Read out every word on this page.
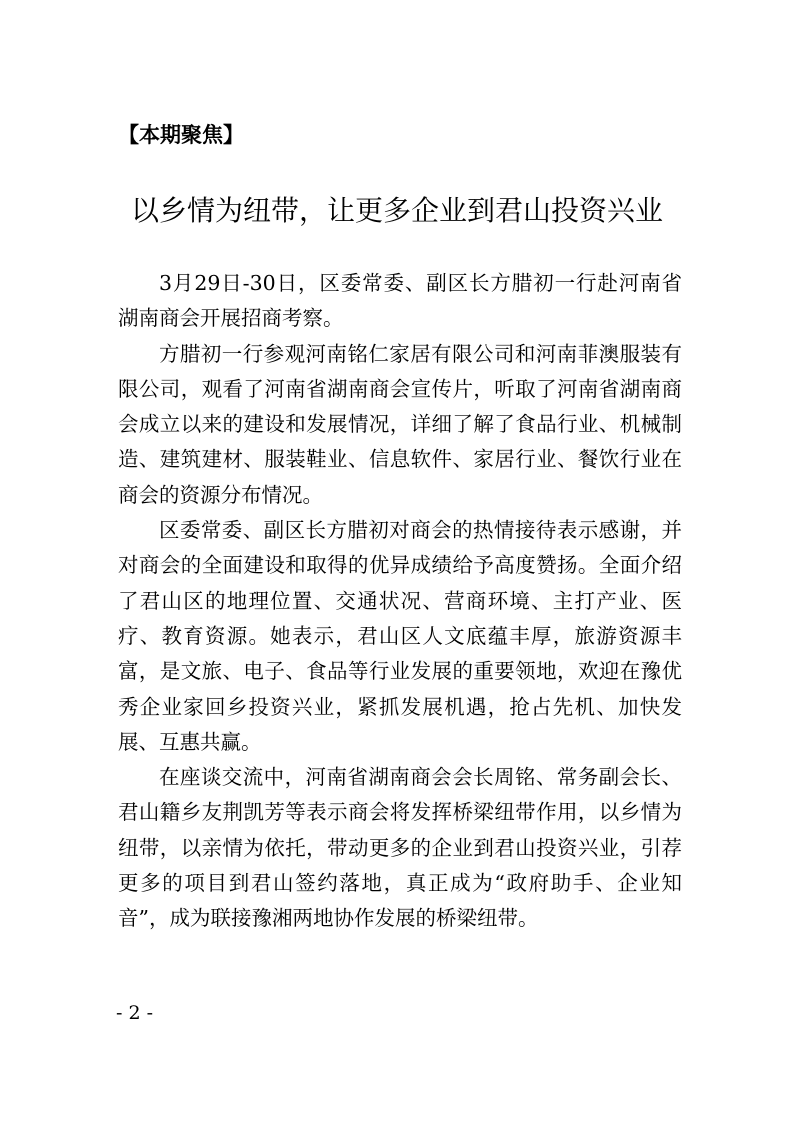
【本期聚焦】
以乡情为纽带，让更多企业到君山投资兴业

3月29日-30日，区委常委、副区长方腊初一行赴河南省湖南商会开展招商考察。

方腊初一行参观河南铭仁家居有限公司和河南菲澳服装有限公司，观看了河南省湖南商会宣传片，听取了河南省湖南商会成立以来的建设和发展情况，详细了解了食品行业、机械制造、建筑建材、服装鞋业、信息软件、家居行业、餐饮行业在商会的资源分布情况。

区委常委、副区长方腊初对商会的热情接待表示感谢，并对商会的全面建设和取得的优异成绩给予高度赞扬。全面介绍了君山区的地理位置、交通状况、营商环境、主打产业、医疗、教育资源。她表示，君山区人文底蕴丰厚，旅游资源丰富，是文旅、电子、食品等行业发展的重要领地，欢迎在豫优秀企业家回乡投资兴业，紧抓发展机遇，抢占先机、加快发展、互惠共赢。

在座谈交流中，河南省湖南商会会长周铭、常务副会长、君山籍乡友荆凯芳等表示商会将发挥桥梁纽带作用，以乡情为纽带，以亲情为依托，带动更多的企业到君山投资兴业，引荐更多的项目到君山签约落地，真正成为“政府助手、企业知音”，成为联接豫湘两地协作发展的桥梁纽带。

- 2 -
